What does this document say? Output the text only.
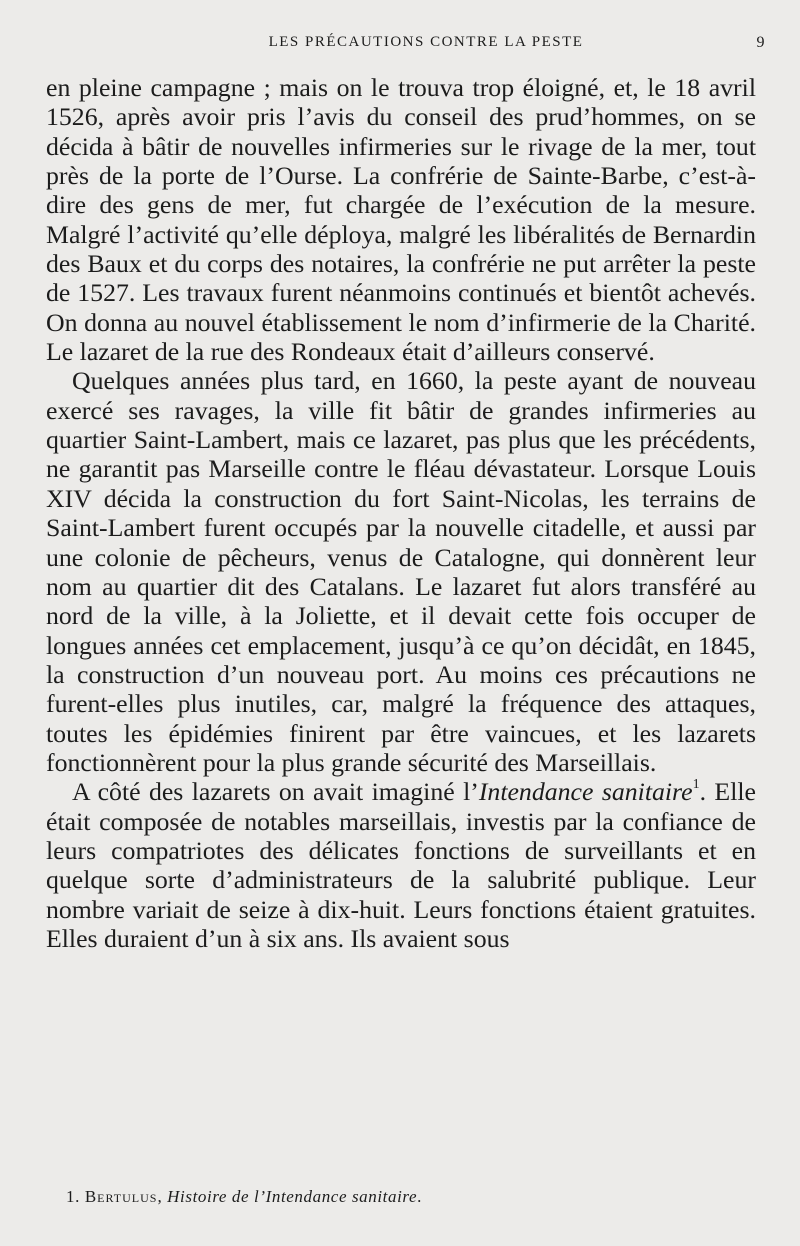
LES PRÉCAUTIONS CONTRE LA PESTE	9

en pleine campagne ; mais on le trouva trop éloigné, et, le 18 avril 1526, après avoir pris l’avis du conseil des prud’hommes, on se décida à bâtir de nouvelles infirmeries sur le rivage de la mer, tout près de la porte de l’Ourse. La confrérie de Sainte-Barbe, c’est-à-dire des gens de mer, fut chargée de l’exécution de la mesure. Malgré l’activité qu’elle déploya, malgré les libéralités de Bernardin des Baux et du corps des notaires, la confrérie ne put arrêter la peste de 1527. Les travaux furent néanmoins continués et bientôt achevés. On donna au nouvel établissement le nom d’infirmerie de la Charité. Le lazaret de la rue des Rondeaux était d’ailleurs conservé.

Quelques années plus tard, en 1660, la peste ayant de nouveau exercé ses ravages, la ville fit bâtir de grandes infirmeries au quartier Saint-Lambert, mais ce lazaret, pas plus que les précédents, ne garantit pas Marseille contre le fléau dévastateur. Lorsque Louis XIV décida la construction du fort Saint-Nicolas, les terrains de Saint-Lambert furent occupés par la nouvelle citadelle, et aussi par une colonie de pêcheurs, venus de Catalogne, qui donnèrent leur nom au quartier dit des Catalans. Le lazaret fut alors transféré au nord de la ville, à la Joliette, et il devait cette fois occuper de longues années cet emplacement, jusqu’à ce qu’on décidât, en 1845, la construction d’un nouveau port. Au moins ces précautions ne furent-elles plus inutiles, car, malgré la fréquence des attaques, toutes les épidémies finirent par être vaincues, et les lazarets fonctionnèrent pour la plus grande sécurité des Marseillais.

A côté des lazarets on avait imaginé l’Intendance sanitaire$^1$. Elle était composée de notables marseillais, investis par la confiance de leurs compatriotes des délicates fonctions de surveillants et en quelque sorte d’administrateurs de la salubrité publique. Leur nombre variait de seize à dix-huit. Leurs fonctions étaient gratuites. Elles duraient d’un à six ans. Ils avaient sous

1. Bertulus, Histoire de l’Intendance sanitaire.
